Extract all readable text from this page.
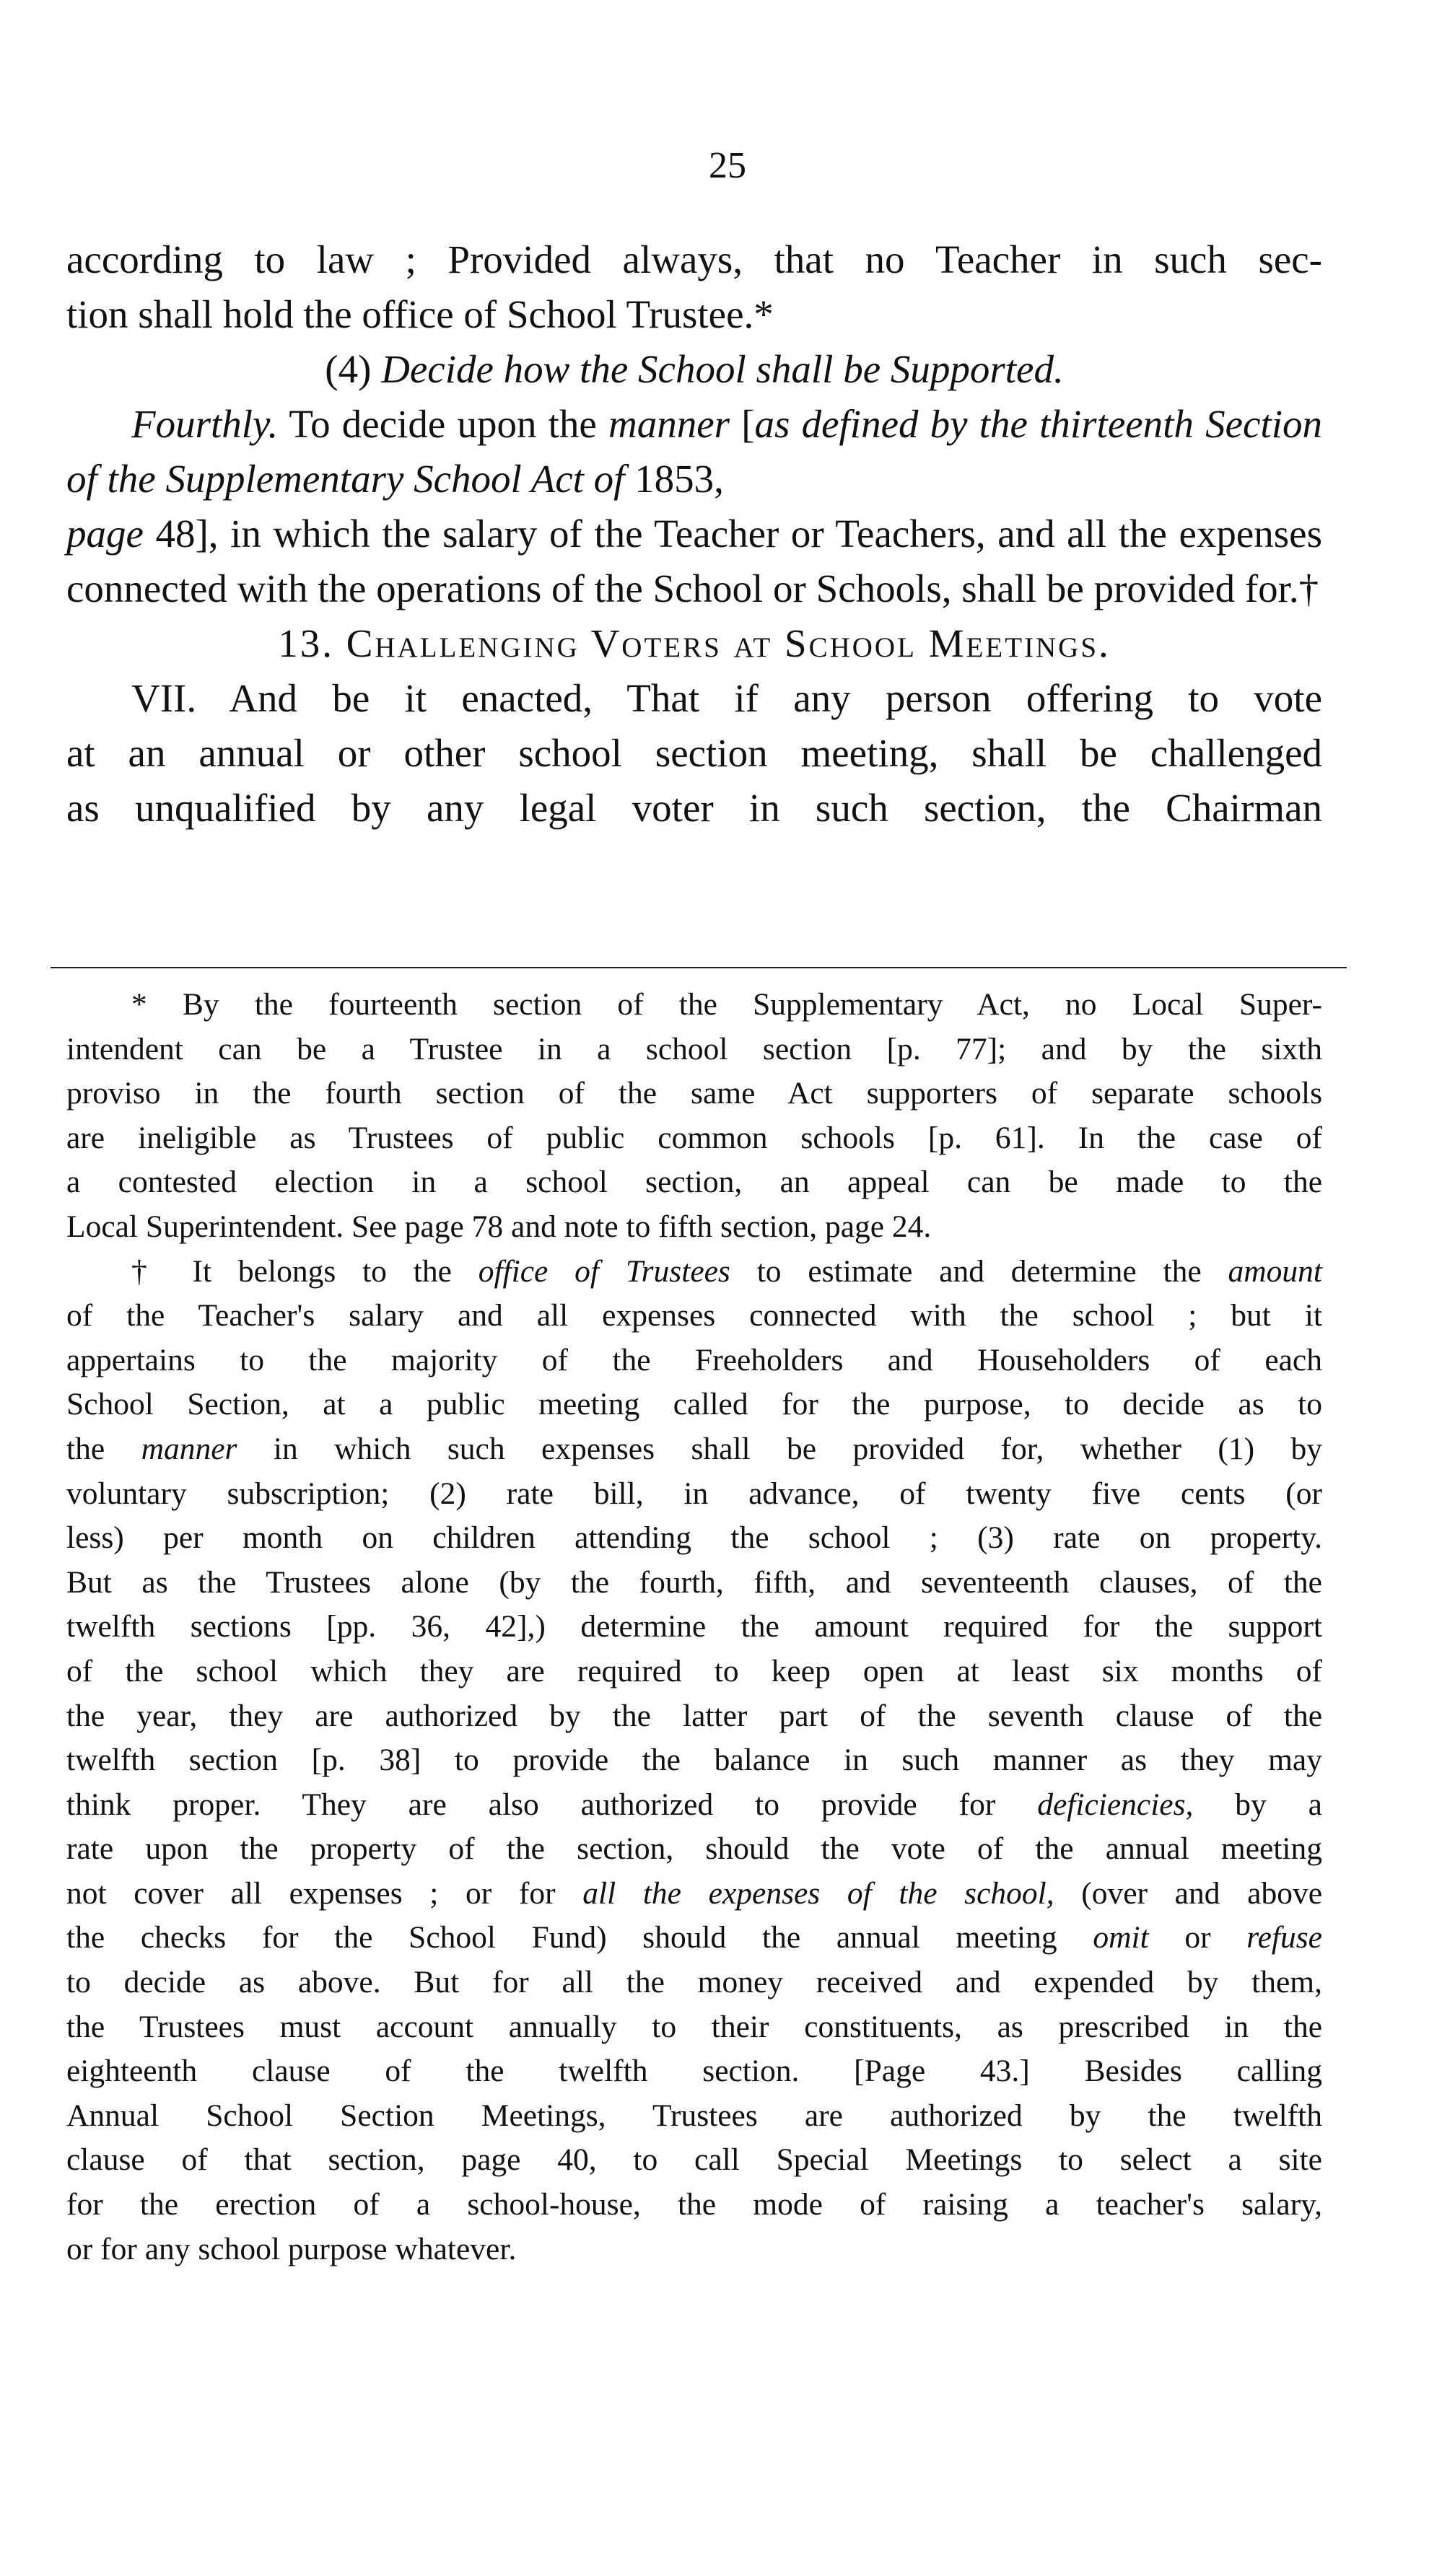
25

according to law ; Provided always, that no Teacher in such sec-

tion shall hold the office of School Trustee.*

(4) Decide how the School shall be Supported.

Fourthly. To decide upon the manner [as defined by the thirteenth Section of the Supplementary School Act of 1853,
page 48], in which the salary of the Teacher or Teachers, and all the expenses connected with the operations of the School or Schools, shall be provided for.†

13. Challenging Voters at School Meetings.

VII. And be it enacted, That if any person offering to vote

at an annual or other school section meeting, shall be challenged

as unqualified by any legal voter in such section, the Chairman

* By the fourteenth section of the Supplementary Act, no Local Super-

intendent can be a Trustee in a school section [p. 77]; and by the sixth

proviso in the fourth section of the same Act supporters of separate schools

are ineligible as Trustees of public common schools [p. 61]. In the case of

a contested election in a school section, an appeal can be made to the

Local Superintendent. See page 78 and note to fifth section, page 24.

† It belongs to the office of Trustees to estimate and determine the amount

of the Teacher's salary and all expenses connected with the school ; but it

appertains to the majority of the Freeholders and Householders of each

School Section, at a public meeting called for the purpose, to decide as to

the manner in which such expenses shall be provided for, whether (1) by

voluntary subscription; (2) rate bill, in advance, of twenty five cents (or

less) per month on children attending the school ; (3) rate on property.

But as the Trustees alone (by the fourth, fifth, and seventeenth clauses, of the

twelfth sections [pp. 36, 42],) determine the amount required for the support

of the school which they are required to keep open at least six months of

the year, they are authorized by the latter part of the seventh clause of the

twelfth section [p. 38] to provide the balance in such manner as they may

think proper. They are also authorized to provide for deficiencies, by a

rate upon the property of the section, should the vote of the annual meeting

not cover all expenses ; or for all the expenses of the school, (over and above

the checks for the School Fund) should the annual meeting omit or refuse

to decide as above. But for all the money received and expended by them,

the Trustees must account annually to their constituents, as prescribed in the

eighteenth clause of the twelfth section. [Page 43.] Besides calling

Annual School Section Meetings, Trustees are authorized by the twelfth

clause of that section, page 40, to call Special Meetings to select a site

for the erection of a school-house, the mode of raising a teacher's salary,

or for any school purpose whatever.
